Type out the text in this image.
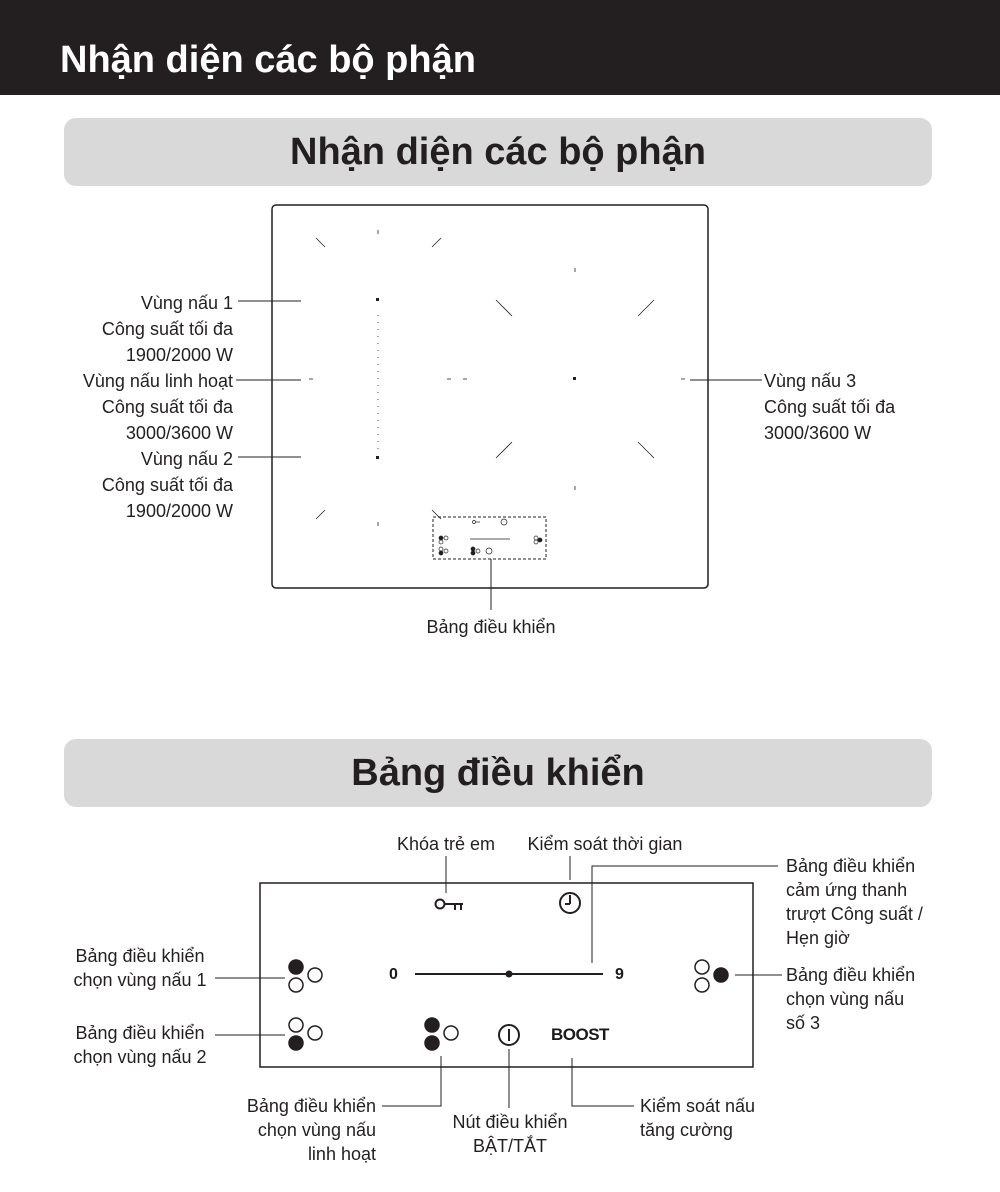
Nhận diện các bộ phận
Nhận diện các bộ phận
Vùng nấu 1
Công suất tối đa
1900/2000 W
Vùng nấu linh hoạt
Công suất tối đa
3000/3600 W
Vùng nấu 2
Công suất tối đa
1900/2000 W
Vùng nấu 3
Công suất tối đa
3000/3600 W
Bảng điều khiển
Bảng điều khiển
Khóa trẻ em	Kiểm soát thời gian
Bảng điều khiển
cảm ứng thanh
trượt Công suất /
Hẹn giờ
Bảng điều khiển
chọn vùng nấu 1
Bảng điều khiển
chọn vùng nấu 2
Bảng điều khiển
chọn vùng nấu
số 3
Bảng điều khiển
chọn vùng nấu
linh hoạt
Nút điều khiển
BẬT/TẮT
Kiểm soát nấu
tăng cường
0	9
BOOST
